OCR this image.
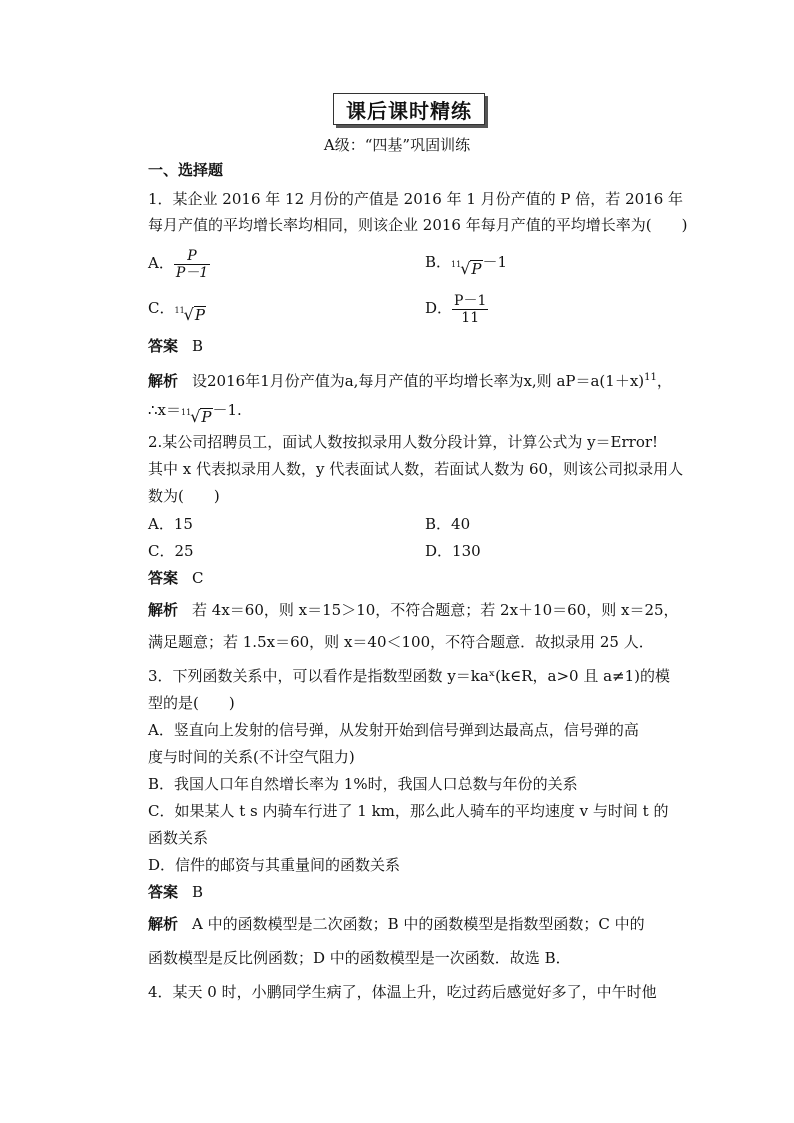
课后课时精练
A级：“四基”巩固训练
一、选择题
1．某企业 2016 年 12 月份的产值是 2016 年 1 月份产值的 P 倍，若 2016 年
每月产值的平均增长率均相同，则该企业 2016 年每月产值的平均增长率为(　　)
A． $\frac{P}{P-1}$	B． 11 √ P －1
C． 11 √ P	D． $\frac{P-1}{11}$
答案 B
解析 设2016年1月份产值为a,每月产值的平均增长率为x,则 $aP=a(1+x)^{11}$，
∴x＝ 11 √ P －1.
2.某公司招聘员工，面试人数按拟录用人数分段计算，计算公式为 y＝Error!
其中 x 代表拟录用人数，y 代表面试人数，若面试人数为 60，则该公司拟录用人
数为(　　)
A．15	B．40
C．25	D．130
答案 C
解析 若 4x＝60，则 x＝15＞10，不符合题意；若 2x＋10＝60，则 x＝25，
满足题意；若 1.5x＝60，则 x＝40＜100，不符合题意．故拟录用 25 人．
3．下列函数关系中，可以看作是指数型函数 y＝kaˣ(k∈R，a>0 且 a≠1)的模
型的是(　　)
A．竖直向上发射的信号弹，从发射开始到信号弹到达最高点，信号弹的高
度与时间的关系(不计空气阻力)
B．我国人口年自然增长率为 1%时，我国人口总数与年份的关系
C．如果某人 t s 内骑车行进了 1 km，那么此人骑车的平均速度 v 与时间 t 的
函数关系
D．信件的邮资与其重量间的函数关系
答案 B
解析 A 中的函数模型是二次函数；B 中的函数模型是指数型函数；C 中的
函数模型是反比例函数；D 中的函数模型是一次函数．故选 B．
4．某天 0 时，小鹏同学生病了，体温上升，吃过药后感觉好多了，中午时他
